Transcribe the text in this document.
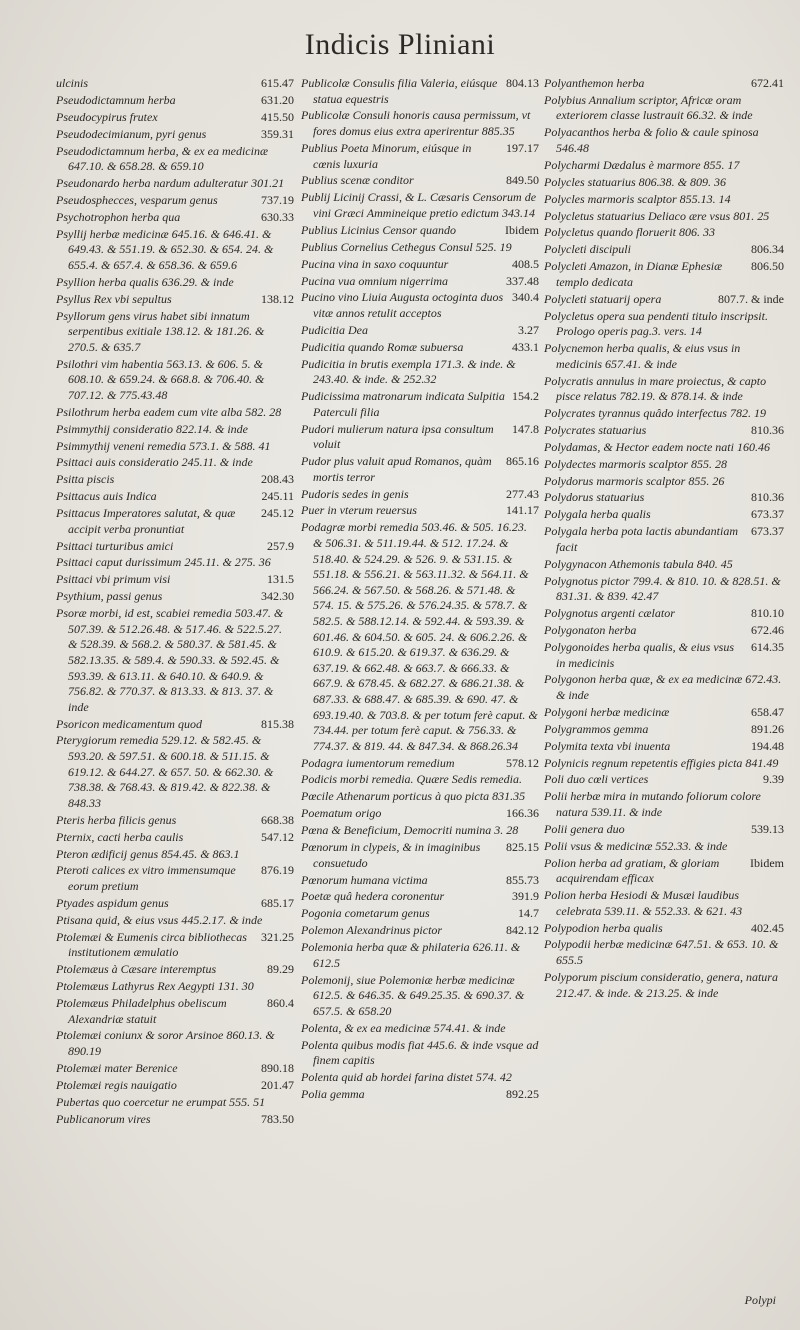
Indicis Pliniani
615.47
ulcinis
631.20
Pseudodictamnum herba
415.50
Pseudocypirus frutex
359.31
Pseudodecimianum, pyri genus
Pseudodictamnum herba, & ex ea medicinæ 647.10. & 658.28. & 659.10
Pseudonardo herba nardum adulteratur 301.21
737.19
Pseudosphecces, vesparum genus
630.33
Psychotrophon herba qua
Psyllij herbæ medicinæ 645.16. & 646.41. & 649.43. & 551.19. & 652.30. & 654. 24. & 655.4. & 657.4. & 658.36. & 659.6
Psyllion herba qualis 636.29. & inde
138.12
Psyllus Rex vbi sepultus
Psyllorum gens virus habet sibi innatum serpentibus exitiale 138.12. & 181.26. & 270.5. & 635.7
Psilothri vim habentia 563.13. & 606. 5. & 608.10. & 659.24. & 668.8. & 706.40. & 707.12. & 775.43.48
Psilothrum herba eadem cum vite alba 582. 28
Psimmythij consideratio 822.14. & inde
Psimmythij veneni remedia 573.1. & 588. 41
Psittaci auis consideratio 245.11. & inde
208.43
Psitta piscis
245.11
Psittacus auis Indica
245.12
Psittacus Imperatores salutat, & quæ accipit verba pronuntiat
257.9
Psittaci turturibus amici
Psittaci caput durissimum 245.11. & 275. 36
131.5
Psittaci vbi primum visi
342.30
Psythium, passi genus
Psoræ morbi, id est, scabiei remedia 503.47. & 507.39. & 512.26.48. & 517.46. & 522.5.27. & 528.39. & 568.2. & 580.37. & 581.45. & 582.13.35. & 589.4. & 590.33. & 592.45. & 593.39. & 613.11. & 640.10. & 640.9. & 756.82. & 770.37. & 813.33. & 813. 37. & inde
815.38
Psoricon medicamentum quod
Pterygiorum remedia 529.12. & 582.45. & 593.20. & 597.51. & 600.18. & 511.15. & 619.12. & 644.27. & 657. 50. & 662.30. & 738.38. & 768.43. & 819.42. & 822.38. & 848.33
668.38
Pteris herba filicis genus
547.12
Pternix, cacti herba caulis
Pteron ædificij genus 854.45. & 863.1
876.19
Pteroti calices ex vitro immensumque eorum pretium
685.17
Ptyades aspidum genus
Ptisana quid, & eius vsus 445.2.17. & inde
321.25
Ptolemæi & Eumenis circa bibliothecas institutionem æmulatio
89.29
Ptolemæus à Cæsare interemptus
Ptolemæus Lathyrus Rex Aegypti 131. 30
860.4
Ptolemæus Philadelphus obeliscum Alexandriæ statuit
Ptolemæi coniunx & soror Arsinoe 860.13. & 890.19
890.18
Ptolemæi mater Berenice
201.47
Ptolemæi regis nauigatio
Pubertas quo coercetur ne erumpat 555. 51
783.50
Publicanorum vires
804.13
Publicolæ Consulis filia Valeria, eiúsque statua equestris
Publicolæ Consuli honoris causa permissum, vt fores domus eius extra aperirentur 885.35
197.17
Publius Poeta Minorum, eiúsque in cœnis luxuria
849.50
Publius scenæ conditor
Publij Licinij Crassi, & L. Cæsaris Censorum de vini Græci Ammineique pretio edictum 343.14
Ibidem
Publius Licinius Censor quando
Publius Cornelius Cethegus Consul 525. 19
408.5
Pucina vina in saxo coquuntur
337.48
Pucina vua omnium nigerrima
340.4
Pucino vino Liuia Augusta octoginta duos vitæ annos retulit acceptos
3.27
Pudicitia Dea
433.1
Pudicitia quando Romæ subuersa
Pudicitia in brutis exempla 171.3. & inde. & 243.40. & inde. & 252.32
154.2
Pudicissima matronarum indicata Sulpitia Paterculi filia
147.8
Pudori mulierum natura ipsa consultum voluit
865.16
Pudor plus valuit apud Romanos, quàm mortis terror
277.43
Pudoris sedes in genis
141.17
Puer in vterum reuersus
Podagræ morbi remedia 503.46. & 505. 16.23. & 506.31. & 511.19.44. & 512. 17.24. & 518.40. & 524.29. & 526. 9. & 531.15. & 551.18. & 556.21. & 563.11.32. & 564.11. & 566.24. & 567.50. & 568.26. & 571.48. & 574. 15. & 575.26. & 576.24.35. & 578.7. & 582.5. & 588.12.14. & 592.44. & 593.39. & 601.46. & 604.50. & 605. 24. & 606.2.26. & 610.9. & 615.20. & 619.37. & 636.29. & 637.19. & 662.48. & 663.7. & 666.33. & 667.9. & 678.45. & 682.27. & 686.21.38. & 687.33. & 688.47. & 685.39. & 690. 47. & 693.19.40. & 703.8. & per totum ferè caput. & 734.44. per totum ferè caput. & 756.33. & 774.37. & 819. 44. & 847.34. & 868.26.34
578.12
Podagra iumentorum remedium
Podicis morbi remedia. Quære Sedis remedia.
Pœcile Athenarum porticus à quo picta 831.35
166.36
Poematum origo
Pœna & Beneficium, Democriti numina 3. 28
825.15
Pœnorum in clypeis, & in imaginibus consuetudo
855.73
Pœnorum humana victima
391.9
Poetæ quâ hedera coronentur
14.7
Pogonia cometarum genus
842.12
Polemon Alexandrinus pictor
Polemonia herba quæ & philateria 626.11. & 612.5
Polemonij, siue Polemoniæ herbæ medicinæ 612.5. & 646.35. & 649.25.35. & 690.37. & 657.5. & 658.20
Polenta, & ex ea medicinæ 574.41. & inde
Polenta quibus modis fiat 445.6. & inde vsque ad finem capitis
Polenta quid ab hordei farina distet 574. 42
892.25
Polia gemma
672.41
Polyanthemon herba
Polybius Annalium scriptor, Africæ oram exteriorem classe lustrauit 66.32. & inde
Polyacanthos herba & folio & caule spinosa 546.48
Polycharmi Dædalus è marmore 855. 17
Polycles statuarius 806.38. & 809. 36
Polycles marmoris scalptor 855.13. 14
Polycletus statuarius Deliaco ære vsus 801. 25
Polycletus quando floruerit 806. 33
806.34
Polycleti discipuli
806.50
Polycleti Amazon, in Dianæ Ephesiæ templo dedicata
807.7. & inde
Polycleti statuarij opera
Polycletus opera sua pendenti titulo inscripsit. Prologo operis pag.3. vers. 14
Polycnemon herba qualis, & eius vsus in medicinis 657.41. & inde
Polycratis annulus in mare proiectus, & capto pisce relatus 782.19. & 878.14. & inde
Polycrates tyrannus quâdo interfectus 782. 19
810.36
Polycrates statuarius
Polydamas, & Hector eadem nocte nati 160.46
Polydectes marmoris scalptor 855. 28
Polydorus marmoris scalptor 855. 26
810.36
Polydorus statuarius
673.37
Polygala herba qualis
673.37
Polygala herba pota lactis abundantiam facit
Polygynacon Athemonis tabula 840. 45
Polygnotus pictor 799.4. & 810. 10. & 828.51. & 831.31. & 839. 42.47
810.10
Polygnotus argenti cælator
672.46
Polygonaton herba
614.35
Polygonoides herba qualis, & eius vsus in medicinis
Polygonon herba quæ, & ex ea medicinæ 672.43. & inde
658.47
Polygoni herbæ medicinæ
891.26
Polygrammos gemma
194.48
Polymita texta vbi inuenta
Polynicis regnum repetentis effigies picta 841.49
9.39
Poli duo cœli vertices
Polii herbæ mira in mutando foliorum colore natura 539.11. & inde
539.13
Polii genera duo
Polii vsus & medicinæ 552.33. & inde
Ibidem
Polion herba ad gratiam, & gloriam acquirendam efficax
Polion herba Hesiodi & Musæi laudibus celebrata 539.11. & 552.33. & 621. 43
402.45
Polypodion herba qualis
Polypodii herbæ medicinæ 647.51. & 653. 10. & 655.5
Polyporum piscium consideratio, genera, natura 212.47. & inde. & 213.25. & inde
Polypi
